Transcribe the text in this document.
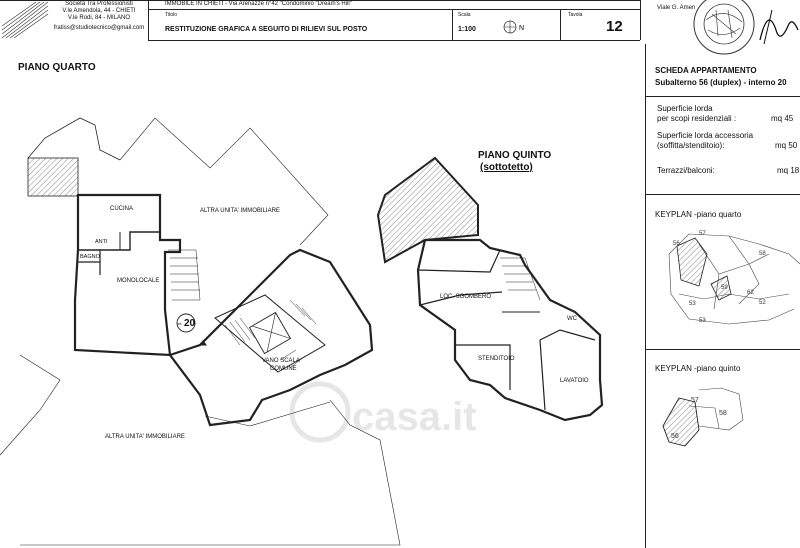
Società Tra Professionisti
V.le Amendola, 44 - CHIETI
V.le Rodi, 84 - MILANO
fratiss@studiotecnico@gmail.com
IMMOBILE IN CHIETI - Via Arenazze n°42 "Condominio "Dream's Hill"
Titolo
RESTITUZIONE GRAFICA A SEGUITO DI RILIEVI SUL POSTO
Scala
1:100	N
Tavola
12
Viale G. Amen
PIANO QUARTO
PIANO QUINTO
(sottotetto)
casa.it
CUCINA
ANTI
BAGNO
MONOLOCALE
ALTRA UNITA' IMMOBILIARE
ALTRA UNITA' IMMOBILIARE
VANO SCALA
COMUNE
int. 20
LOC. SGOMBERO
WC
STENDITOIO
LAVATOIO
SCHEDA APPARTAMENTO
Subalterno 56 (duplex) - interno 20
Superficie lorda
per scopi residenziali :	mq 45
Superficie lorda accessoria
(soffitta/stenditoio):	mq 50
Terrazzi/balconi:	mq 18
KEYPLAN -piano quarto
56
57
58
53
59
62
52
53
KEYPLAN -piano quinto
57
58
56
